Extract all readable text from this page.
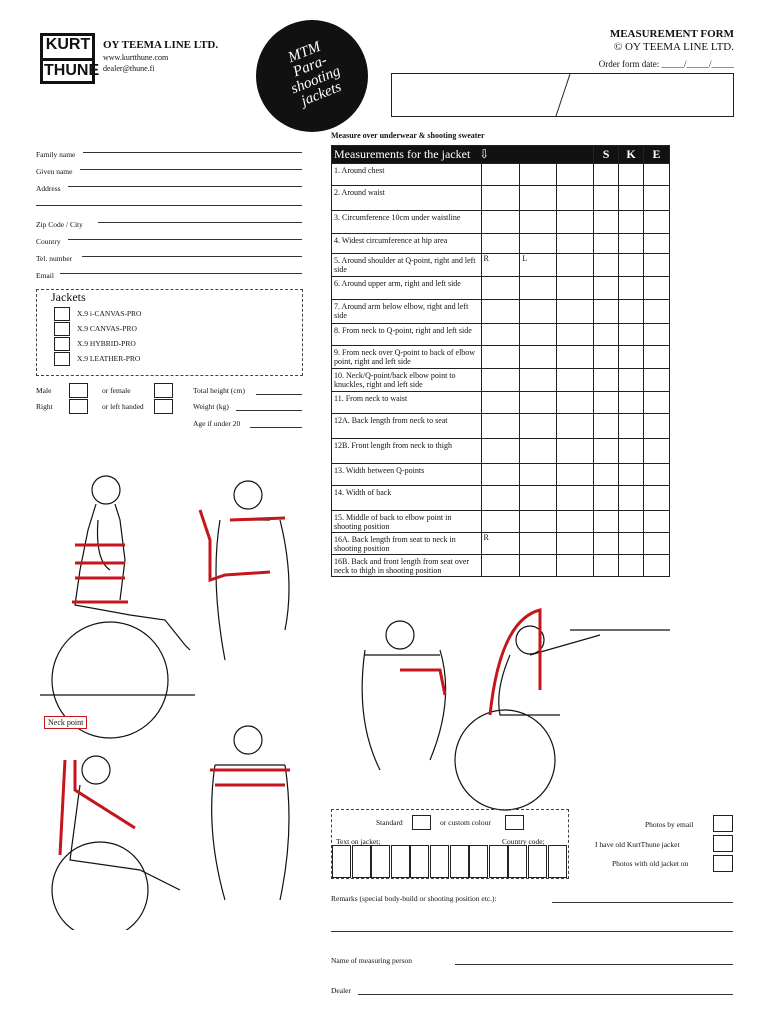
KURT
THUNE
OY TEEMA LINE LTD.
www.kurtthune.com
dealer@thune.fi
MTM Para-shooting jackets
MEASUREMENT FORM
© OY TEEMA LINE LTD.
Order form date: _____/_____/_____
Family name
Given name
Address
Zip Code / City
Country
Tel. number
Email
Jackets
X.9 i-CANVAS-PRO
X.9 CANVAS-PRO
X.9 HYBRID-PRO
X.9 LEATHER-PRO
Male	or female
Right	or left handed
Total height (cm)
Weight (kg)
Age if under 20
Measure over underwear & shooting sweater
Measurements for the jacket ⇩				S	K	E
1. Around chest						
2. Around waist						
3. Circumference 10cm under waistline						
4. Widest circumference at hip area						
5. Around shoulder at Q-point, right and left side	R	L				
6. Around upper arm, right and left side						
7. Around arm below elbow, right and left side						
8. From neck to Q-point, right and left side						
9. From neck over Q-point to back of elbow point, right and left side						
10. Neck/Q-point/back elbow point to knuckles, right and left side						
11. From neck to waist						
12A. Back length from neck to seat						
12B. Front length from neck to thigh						
13. Width between Q-points						
14. Width of back						
15. Middle of back to elbow point in shooting position						
16A. Back length from seat to neck in shooting position	R					
16B. Back and front length from seat over neck to thigh in shooting position						
Neck point
Standard	or custom colour
Text on jacket;	Country code;
Photos by email
I have old KurtThune jacket
Photos with old jacket on
Remarks (special body-build or shooting position etc.):
Name of measuring person
Dealer
